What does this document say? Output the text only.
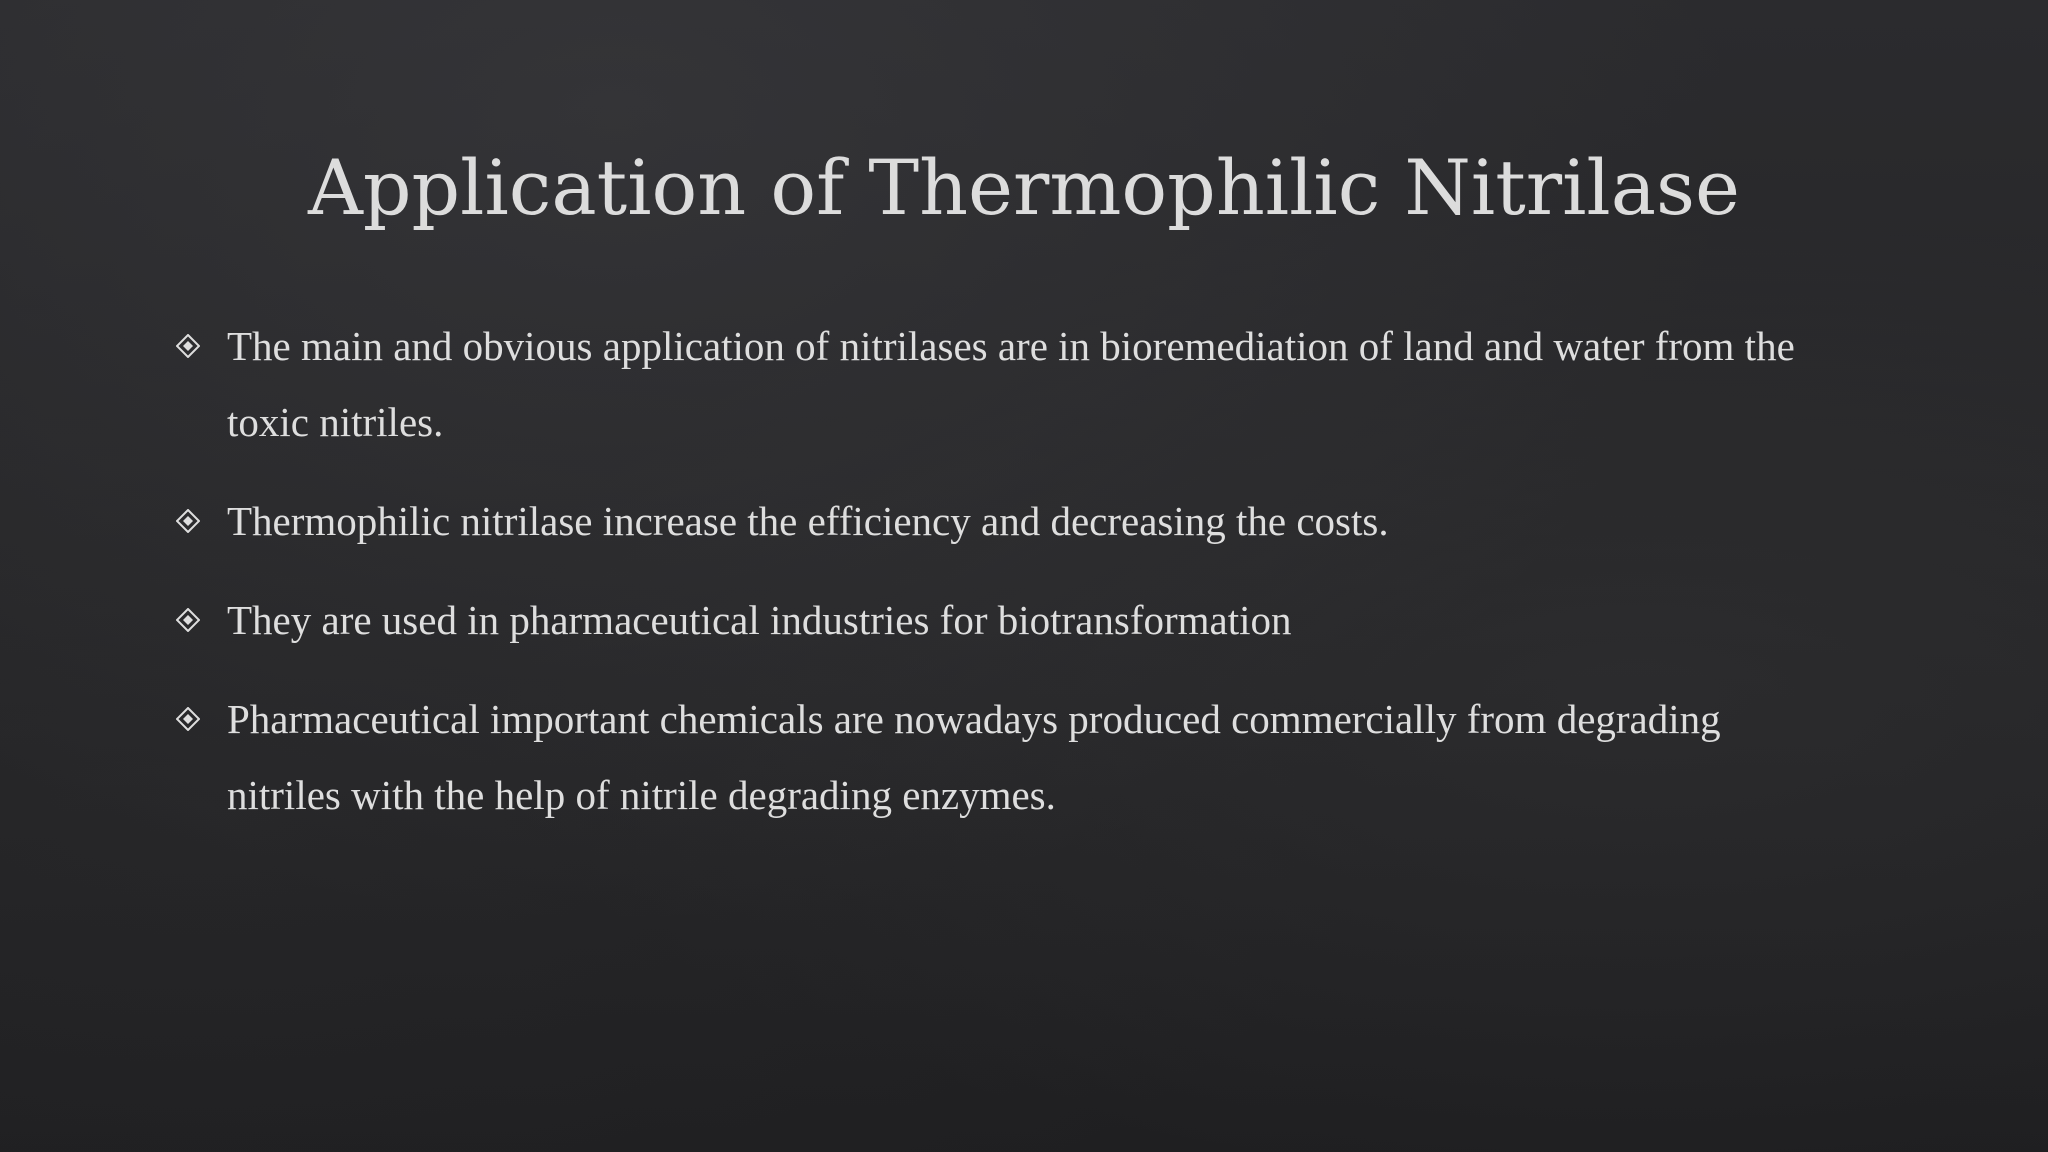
Application of Thermophilic Nitrilase
The main and obvious application of nitrilases are in bioremediation of land and water from the toxic nitriles.
Thermophilic nitrilase increase the efficiency and decreasing the costs.
They are used in pharmaceutical industries for biotransformation
Pharmaceutical important chemicals are nowadays produced commercially from degrading nitriles with the help of nitrile degrading enzymes.
